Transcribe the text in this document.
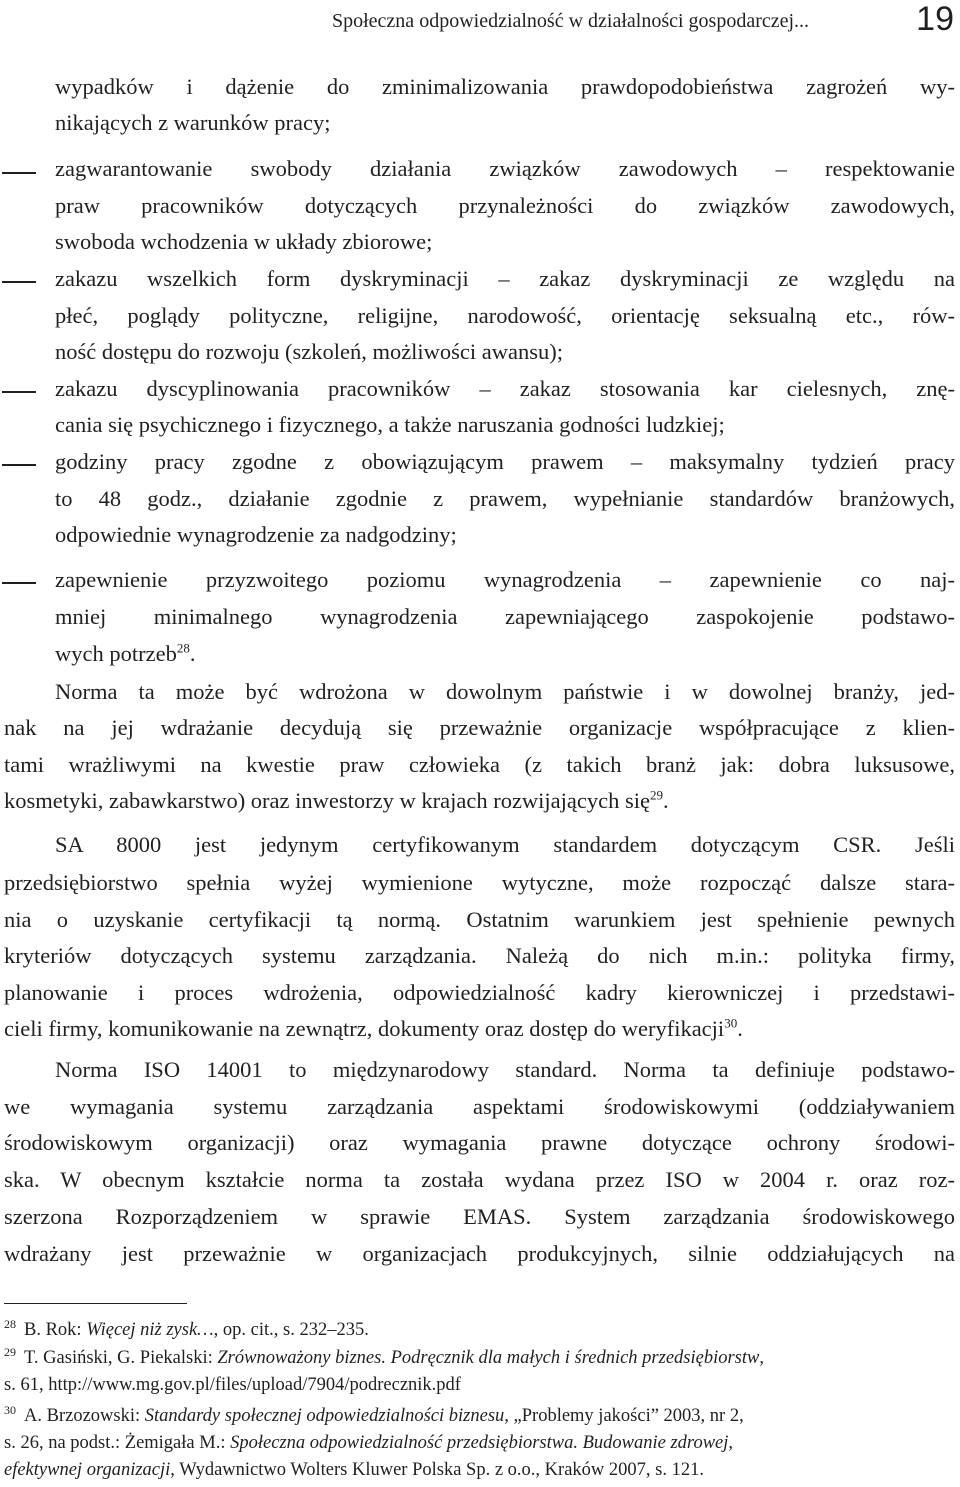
Społeczna odpowiedzialność w działalności gospodarczej...	19
wypadków i dążenie do zminimalizowania prawdopodobieństwa zagrożeń wy-
nikających z warunków pracy;
zagwarantowanie swobody działania związków zawodowych – respektowanie
praw pracowników dotyczących przynależności do związków zawodowych,
swoboda wchodzenia w układy zbiorowe;
zakazu wszelkich form dyskryminacji – zakaz dyskryminacji ze względu na
płeć, poglądy polityczne, religijne, narodowość, orientację seksualną etc., rów-
ność dostępu do rozwoju (szkoleń, możliwości awansu);
zakazu dyscyplinowania pracowników – zakaz stosowania kar cielesnych, znę-
cania się psychicznego i fizycznego, a także naruszania godności ludzkiej;
godziny pracy zgodne z obowiązującym prawem – maksymalny tydzień pracy
to 48 godz., działanie zgodnie z prawem, wypełnianie standardów branżowych,
odpowiednie wynagrodzenie za nadgodziny;
zapewnienie przyzwoitego poziomu wynagrodzenia – zapewnienie co naj-
mniej minimalnego wynagrodzenia zapewniającego zaspokojenie podstawo-
wych potrzeb$^{28}$.
Norma ta może być wdrożona w dowolnym państwie i w dowolnej branży, jed-
nak na jej wdrażanie decydują się przeważnie organizacje współpracujące z klien-
tami wrażliwymi na kwestie praw człowieka (z takich branż jak: dobra luksusowe,
kosmetyki, zabawkarstwo) oraz inwestorzy w krajach rozwijających się$^{29}$.
SA 8000 jest jedynym certyfikowanym standardem dotyczącym CSR. Jeśli
przedsiębiorstwo spełnia wyżej wymienione wytyczne, może rozpocząć dalsze stara-
nia o uzyskanie certyfikacji tą normą. Ostatnim warunkiem jest spełnienie pewnych
kryteriów dotyczących systemu zarządzania. Należą do nich m.in.: polityka firmy,
planowanie i proces wdrożenia, odpowiedzialność kadry kierowniczej i przedstawi-
cieli firmy, komunikowanie na zewnątrz, dokumenty oraz dostęp do weryfikacji$^{30}$.
Norma ISO 14001 to międzynarodowy standard. Norma ta definiuje podstawo-
we wymagania systemu zarządzania aspektami środowiskowymi (oddziaływaniem
środowiskowym organizacji) oraz wymagania prawne dotyczące ochrony środowi-
ska. W obecnym kształcie norma ta została wydana przez ISO w 2004 r. oraz roz-
szerzona Rozporządzeniem w sprawie EMAS. System zarządzania środowiskowego
wdrażany jest przeważnie w organizacjach produkcyjnych, silnie oddziałujących na
$^{28}$ B. Rok: Więcej niż zysk…, op. cit., s. 232–235.
$^{29}$ T. Gasiński, G. Piekalski: Zrównoważony biznes. Podręcznik dla małych i średnich przedsiębiorstw,
s. 61, http://www.mg.gov.pl/files/upload/7904/podrecznik.pdf
$^{30}$ A. Brzozowski: Standardy społecznej odpowiedzialności biznesu, „Problemy jakości” 2003, nr 2,
s. 26, na podst.: Żemigała M.: Społeczna odpowiedzialność przedsiębiorstwa. Budowanie zdrowej,
efektywnej organizacji, Wydawnictwo Wolters Kluwer Polska Sp. z o.o., Kraków 2007, s. 121.
